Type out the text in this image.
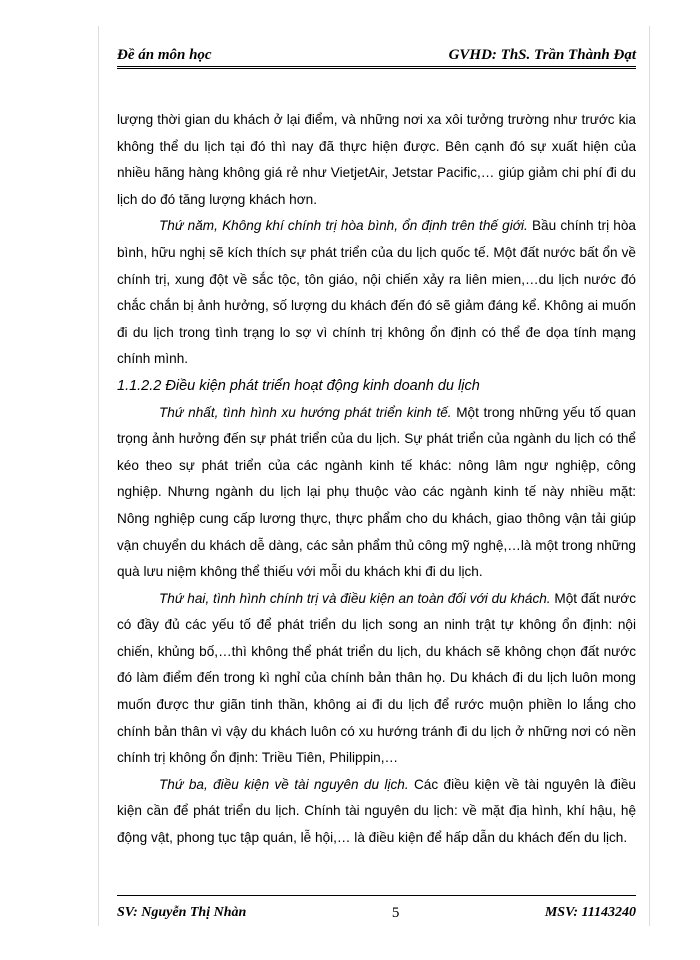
Đề án môn học	GVHD: ThS. Trần Thành Đạt

lượng thời gian du khách ở lại điểm, và những nơi xa xôi tưởng trường như trước kia không thể du lịch tại đó thì nay đã thực hiện được. Bên cạnh đó sự xuất hiện của nhiều hãng hàng không giá rẻ như VietjetAir, Jetstar Pacific,… giúp giảm chi phí đi du lịch do đó tăng lượng khách hơn.

Thứ năm, Không khí chính trị hòa bình, ổn định trên thế giới. Bầu chính trị hòa bình, hữu nghị sẽ kích thích sự phát triển của du lịch quốc tế. Một đất nước bất ổn về chính trị, xung đột về sắc tộc, tôn giáo, nội chiến xảy ra liên mien,…du lịch nước đó chắc chắn bị ảnh hưởng, số lượng du khách đến đó sẽ giảm đáng kể. Không ai muốn đi du lịch trong tình trạng lo sợ vì chính trị không ổn định có thể đe dọa tính mạng chính mình.

1.1.2.2 Điều kiện phát triển hoạt động kinh doanh du lịch

Thứ nhất, tình hình xu hướng phát triển kinh tế. Một trong những yếu tố quan trọng ảnh hưởng đến sự phát triển của du lịch. Sự phát triển của ngành du lịch có thể kéo theo sự phát triển của các ngành kinh tế khác: nông lâm ngư nghiệp, công nghiệp. Nhưng ngành du lịch lại phụ thuộc vào các ngành kinh tế này nhiều mặt: Nông nghiệp cung cấp lương thực, thực phẩm cho du khách, giao thông vận tải giúp vận chuyển du khách dễ dàng, các sản phẩm thủ công mỹ nghệ,…là một trong những quà lưu niệm không thể thiếu với mỗi du khách khi đi du lịch.

Thứ hai, tình hình chính trị và điều kiện an toàn đối với du khách. Một đất nước có đầy đủ các yếu tố để phát triển du lịch song an ninh trật tự không ổn định: nội chiến, khủng bố,…thì không thể phát triển du lịch, du khách sẽ không chọn đất nước đó làm điểm đến trong kì nghỉ của chính bản thân họ. Du khách đi du lịch luôn mong muốn được thư giãn tinh thần, không ai đi du lịch để rước muộn phiền lo lắng cho chính bản thân vì vậy du khách luôn có xu hướng tránh đi du lịch ở những nơi có nền chính trị không ổn định: Triều Tiên, Philippin,…

Thứ ba, điều kiện về tài nguyên du lịch. Các điều kiện về tài nguyên là điều kiện cần để phát triển du lịch. Chính tài nguyên du lịch: về mặt địa hình, khí hậu, hệ động vật, phong tục tập quán, lễ hội,… là điều kiện để hấp dẫn du khách đến du lịch.

SV: Nguyễn Thị Nhàn	5	MSV: 11143240
